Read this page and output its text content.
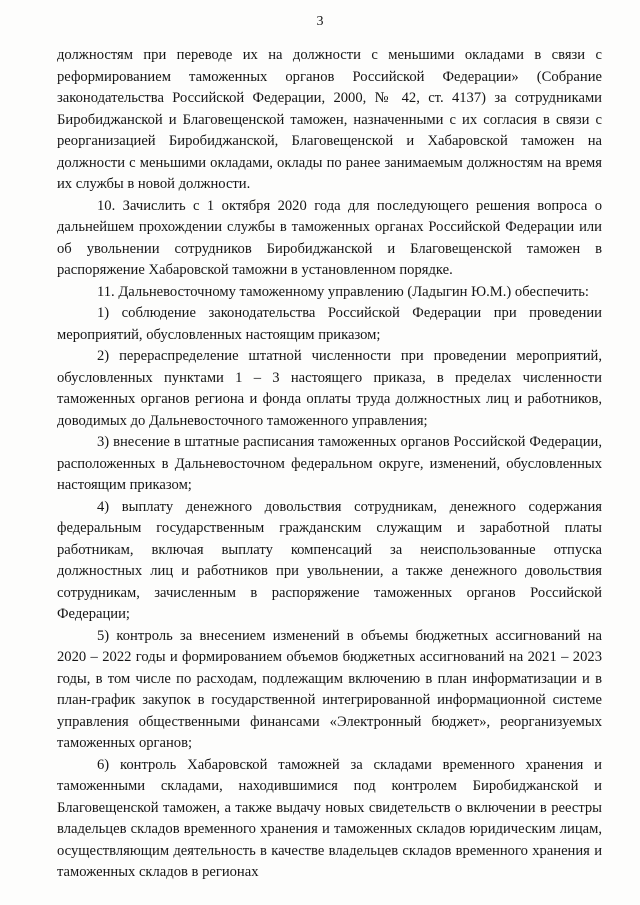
3

должностям при переводе их на должности с меньшими окладами в связи с реформированием таможенных органов Российской Федерации» (Собрание законодательства Российской Федерации, 2000, № 42, ст. 4137) за сотрудниками Биробиджанской и Благовещенской таможен, назначенными с их согласия в связи с реорганизацией Биробиджанской, Благовещенской и Хабаровской таможен на должности с меньшими окладами, оклады по ранее занимаемым должностям на время их службы в новой должности.

10. Зачислить с 1 октября 2020 года для последующего решения вопроса о дальнейшем прохождении службы в таможенных органах Российской Федерации или об увольнении сотрудников Биробиджанской и Благовещенской таможен в распоряжение Хабаровской таможни в установленном порядке.

11. Дальневосточному таможенному управлению (Ладыгин Ю.М.) обеспечить:

1) соблюдение законодательства Российской Федерации при проведении мероприятий, обусловленных настоящим приказом;

2) перераспределение штатной численности при проведении мероприятий, обусловленных пунктами 1 – 3 настоящего приказа, в пределах численности таможенных органов региона и фонда оплаты труда должностных лиц и работников, доводимых до Дальневосточного таможенного управления;

3) внесение в штатные расписания таможенных органов Российской Федерации, расположенных в Дальневосточном федеральном округе, изменений, обусловленных настоящим приказом;

4) выплату денежного довольствия сотрудникам, денежного содержания федеральным государственным гражданским служащим и заработной платы работникам, включая выплату компенсаций за неиспользованные отпуска должностных лиц и работников при увольнении, а также денежного довольствия сотрудникам, зачисленным в распоряжение таможенных органов Российской Федерации;

5) контроль за внесением изменений в объемы бюджетных ассигнований на 2020 – 2022 годы и формированием объемов бюджетных ассигнований на 2021 – 2023 годы, в том числе по расходам, подлежащим включению в план информатизации и в план-график закупок в государственной интегрированной информационной системе управления общественными финансами «Электронный бюджет», реорганизуемых таможенных органов;

6) контроль Хабаровской таможней за складами временного хранения и таможенными складами, находившимися под контролем Биробиджанской и Благовещенской таможен, а также выдачу новых свидетельств о включении в реестры владельцев складов временного хранения и таможенных складов юридическим лицам, осуществляющим деятельность в качестве владельцев складов временного хранения и таможенных складов в регионах
